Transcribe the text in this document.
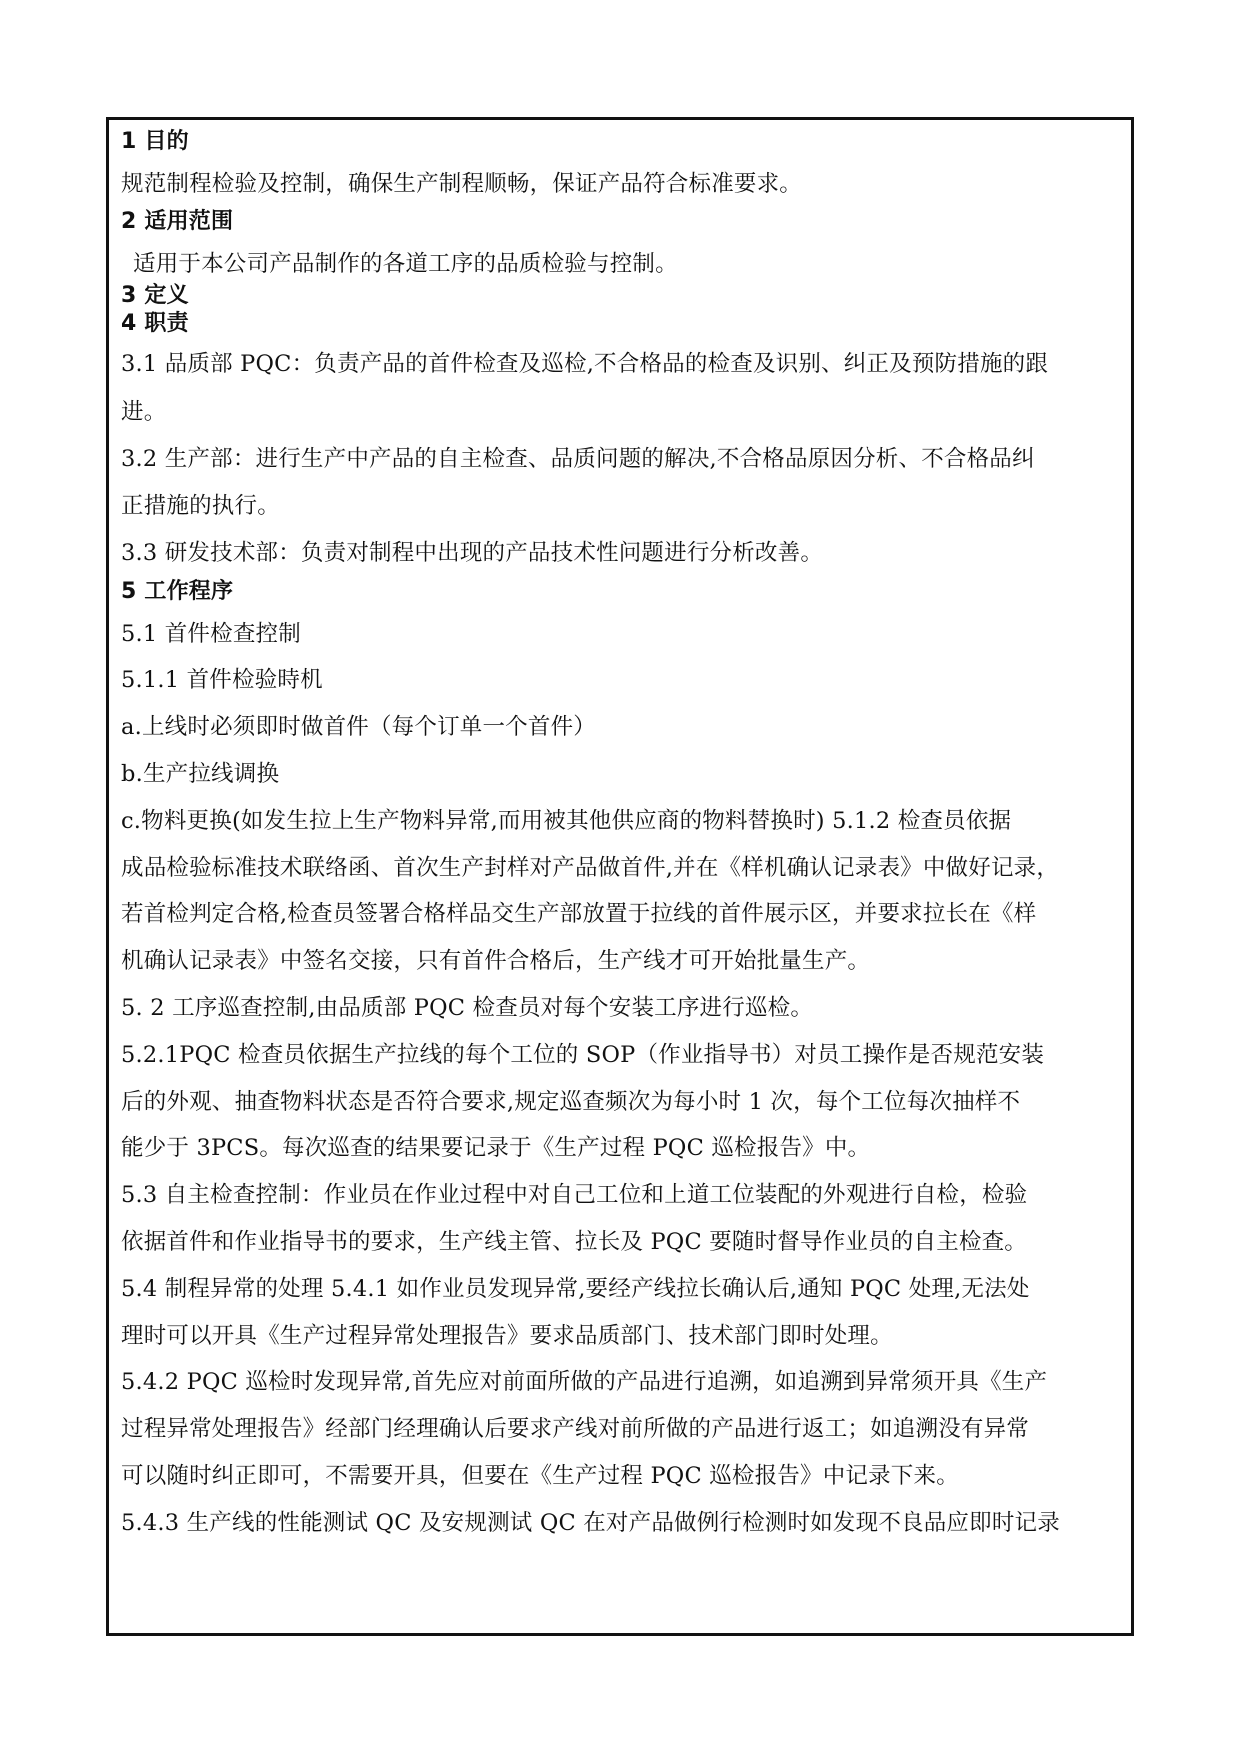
1 目的
规范制程检验及控制，确保生产制程顺畅，保证产品符合标准要求。
2 适用范围
适用于本公司产品制作的各道工序的品质检验与控制。
3 定义
4 职责
3.1 品质部 PQC：负责产品的首件检查及巡检,不合格品的检查及识别、纠正及预防措施的跟
进。
3.2 生产部：进行生产中产品的自主检查、品质问题的解决,不合格品原因分析、不合格品纠
正措施的执行。
3.3 研发技术部：负责对制程中出现的产品技术性问题进行分析改善。
5 工作程序
5.1 首件检查控制
5.1.1 首件检验時机
a.上线时必须即时做首件（每个订单一个首件）
b.生产拉线调换
c.物料更换(如发生拉上生产物料异常,而用被其他供应商的物料替换时) 5.1.2 检查员依据
成品检验标准技术联络函、首次生产封样对产品做首件,并在《样机确认记录表》中做好记录，
若首检判定合格,检查员签署合格样品交生产部放置于拉线的首件展示区，并要求拉长在《样
机确认记录表》中签名交接，只有首件合格后，生产线才可开始批量生产。
5. 2 工序巡查控制,由品质部 PQC 检查员对每个安装工序进行巡检。
5.2.1PQC 检查员依据生产拉线的每个工位的 SOP（作业指导书）对员工操作是否规范安装
后的外观、抽查物料状态是否符合要求,规定巡查频次为每小时 1 次，每个工位每次抽样不
能少于 3PCS。每次巡查的结果要记录于《生产过程 PQC 巡检报告》中。
5.3 自主检查控制：作业员在作业过程中对自己工位和上道工位装配的外观进行自检，检验
依据首件和作业指导书的要求，生产线主管、拉长及 PQC 要随时督导作业员的自主检查。
5.4 制程异常的处理 5.4.1 如作业员发现异常,要经产线拉长确认后,通知 PQC 处理,无法处
理时可以开具《生产过程异常处理报告》要求品质部门、技术部门即时处理。
5.4.2 PQC 巡检时发现异常,首先应对前面所做的产品进行追溯，如追溯到异常须开具《生产
过程异常处理报告》经部门经理确认后要求产线对前所做的产品进行返工；如追溯没有异常
可以随时纠正即可，不需要开具，但要在《生产过程 PQC 巡检报告》中记录下来。
5.4.3 生产线的性能测试 QC 及安规测试 QC 在对产品做例行检测时如发现不良品应即时记录
